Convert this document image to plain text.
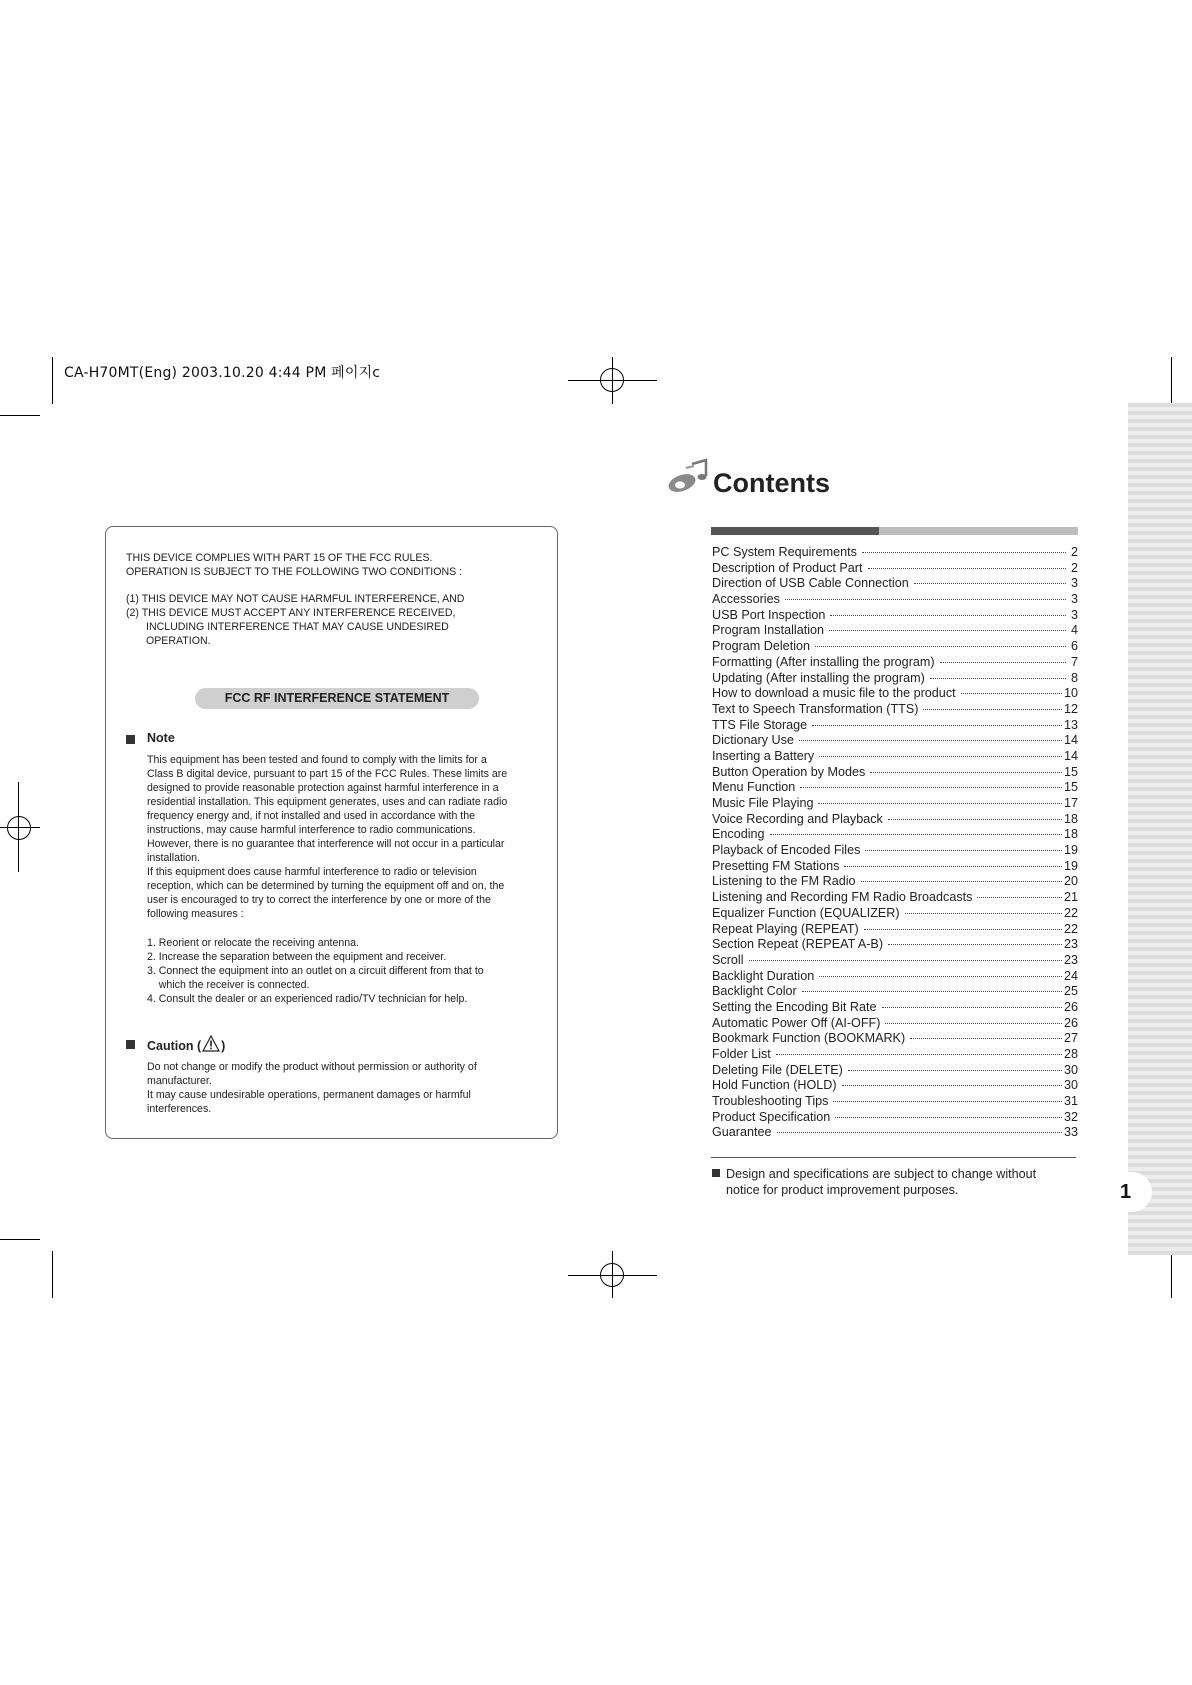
CA-H70MT(Eng) 2003.10.20 4:44 PM 페이지c
1
THIS DEVICE COMPLIES WITH PART 15 OF THE FCC RULES.
OPERATION IS SUBJECT TO THE FOLLOWING TWO CONDITIONS :
(1) THIS DEVICE MAY NOT CAUSE HARMFUL INTERFERENCE, AND
(2) THIS DEVICE MUST ACCEPT ANY INTERFERENCE RECEIVED,
INCLUDING INTERFERENCE THAT MAY CAUSE UNDESIRED
OPERATION.
FCC RF INTERFERENCE STATEMENT
Note
This equipment has been tested and found to comply with the limits for a
Class B digital device, pursuant to part 15 of the FCC Rules. These limits are
designed to provide reasonable protection against harmful interference in a
residential installation. This equipment generates, uses and can radiate radio
frequency energy and, if not installed and used in accordance with the
instructions, may cause harmful interference to radio communications.
However, there is no guarantee that interference will not occur in a particular
installation.
If this equipment does cause harmful interference to radio or television
reception, which can be determined by turning the equipment off and on, the
user is encouraged to try to correct the interference by one or more of the
following measures :
1. Reorient or relocate the receiving antenna.
2. Increase the separation between the equipment and receiver.
3. Connect the equipment into an outlet on a circuit different from that to
which the receiver is connected.
4. Consult the dealer or an experienced radio/TV technician for help.
Caution ( )
Do not change or modify the product without permission or authority of
manufacturer.
It may cause undesirable operations, permanent damages or harmful
interferences.
Contents
PC System Requirements	2
Description of Product Part	2
Direction of USB Cable Connection	3
Accessories	3
USB Port Inspection	3
Program Installation	4
Program Deletion	6
Formatting (After installing the program)	7
Updating (After installing the program)	8
How to download a music file to the product	10
Text to Speech Transformation (TTS)	12
TTS File Storage	13
Dictionary Use	14
Inserting a Battery	14
Button Operation by Modes	15
Menu Function	15
Music File Playing	17
Voice Recording and Playback	18
Encoding	18
Playback of Encoded Files	19
Presetting FM Stations	19
Listening to the FM Radio	20
Listening and Recording FM Radio Broadcasts	21
Equalizer Function (EQUALIZER)	22
Repeat Playing (REPEAT)	22
Section Repeat (REPEAT A-B)	23
Scroll	23
Backlight Duration	24
Backlight Color	25
Setting the Encoding Bit Rate	26
Automatic Power Off (AI-OFF)	26
Bookmark Function (BOOKMARK)	27
Folder List	28
Deleting File (DELETE)	30
Hold Function (HOLD)	30
Troubleshooting Tips	31
Product Specification	32
Guarantee	33
Design and specifications are subject to change without
notice for product improvement purposes.
